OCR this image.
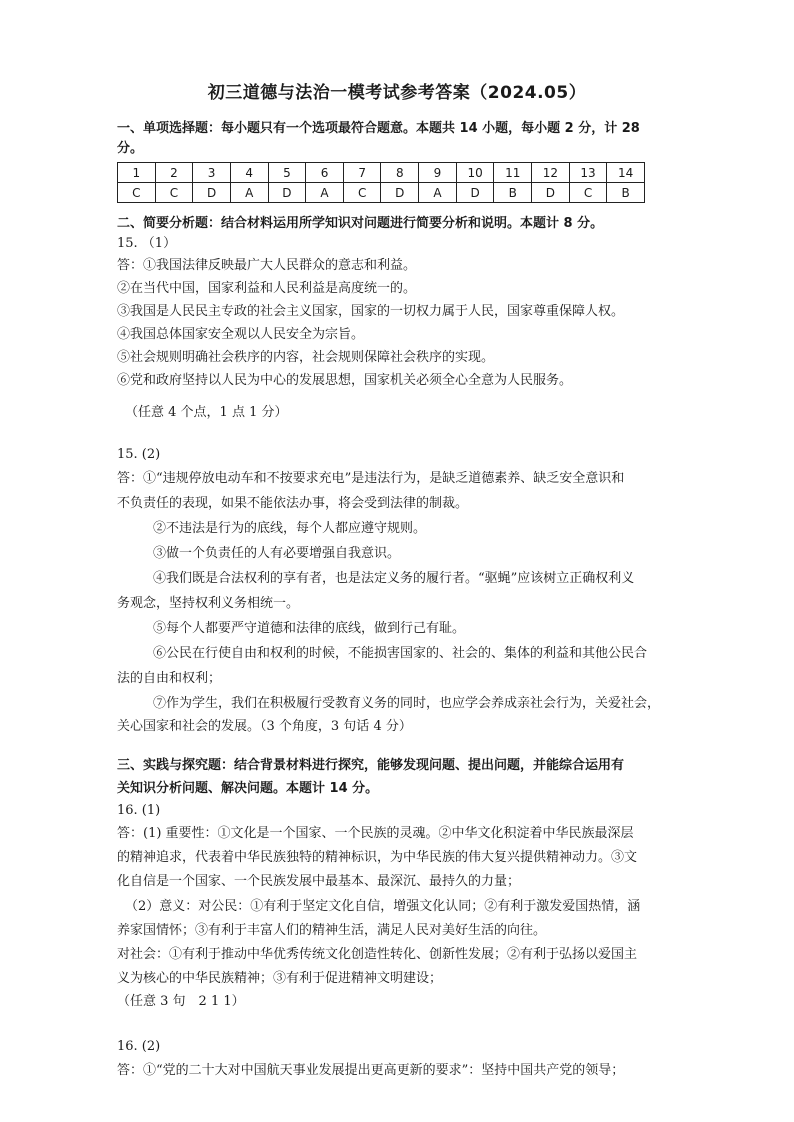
初三道德与法治一模考试参考答案（2024.05）
一、单项选择题：每小题只有一个选项最符合题意。本题共 14 小题，每小题 2 分，计 28
分。
1	2	3	4	5	6	7	8	9	10	11	12	13	14
C	C	D	A	D	A	C	D	A	D	B	D	C	B
二、简要分析题：结合材料运用所学知识对问题进行简要分析和说明。本题计 8 分。
15. （1）
答：①我国法律反映最广大人民群众的意志和利益。
②在当代中国，国家利益和人民利益是高度统一的。
③我国是人民民主专政的社会主义国家，国家的一切权力属于人民，国家尊重保障人权。
④我国总体国家安全观以人民安全为宗旨。
⑤社会规则明确社会秩序的内容，社会规则保障社会秩序的实现。
⑥党和政府坚持以人民为中心的发展思想，国家机关必须全心全意为人民服务。
（任意 4 个点，1 点 1 分）
15. (2)
答：①“违规停放电动车和不按要求充电”是违法行为，是缺乏道德素养、缺乏安全意识和
不负责任的表现，如果不能依法办事，将会受到法律的制裁。
②不违法是行为的底线，每个人都应遵守规则。
③做一个负责任的人有必要增强自我意识。
④我们既是合法权利的享有者，也是法定义务的履行者。“驱蝇”应该树立正确权利义
务观念，坚持权利义务相统一。
⑤每个人都要严守道德和法律的底线，做到行己有耻。
⑥公民在行使自由和权利的时候，不能损害国家的、社会的、集体的利益和其他公民合
法的自由和权利；
⑦作为学生，我们在积极履行受教育义务的同时，也应学会养成亲社会行为，关爱社会，
关心国家和社会的发展。（3 个角度，3 句话 4 分）
三、实践与探究题：结合背景材料进行探究，能够发现问题、提出问题，并能综合运用有
关知识分析问题、解决问题。本题计 14 分。
16. (1)
答：(1) 重要性：①文化是一个国家、一个民族的灵魂。②中华文化积淀着中华民族最深层
的精神追求，代表着中华民族独特的精神标识，为中华民族的伟大复兴提供精神动力。③文
化自信是一个国家、一个民族发展中最基本、最深沉、最持久的力量；
（2）意义：对公民：①有利于坚定文化自信，增强文化认同；②有利于激发爱国热情，涵
养家国情怀；③有利于丰富人们的精神生活，满足人民对美好生活的向往。
对社会：①有利于推动中华优秀传统文化创造性转化、创新性发展；②有利于弘扬以爱国主
义为核心的中华民族精神；③有利于促进精神文明建设；
（任意 3 句　2 1 1）
16. (2)
答：①“党的二十大对中国航天事业发展提出更高更新的要求”：坚持中国共产党的领导；
